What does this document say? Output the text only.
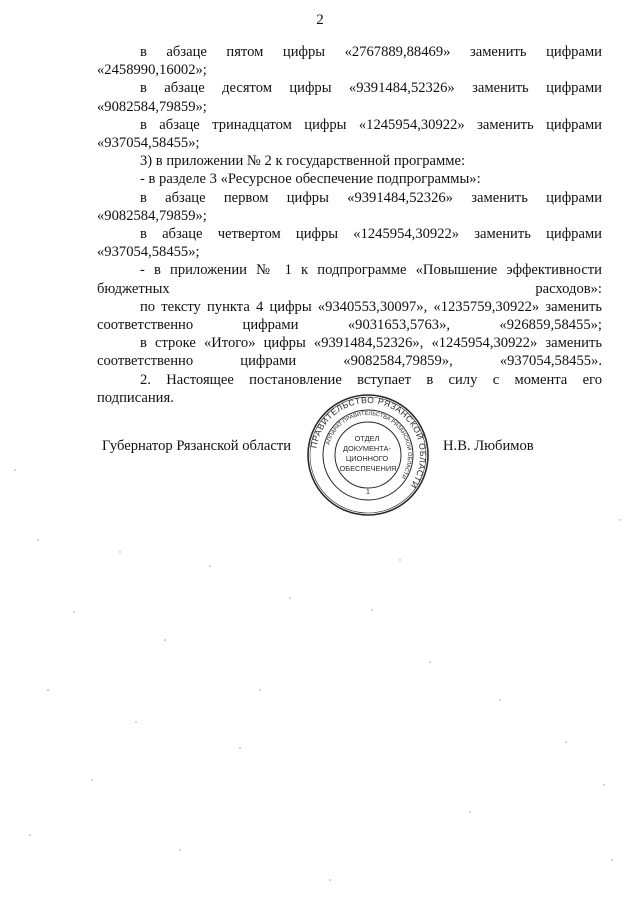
2

в абзаце пятом цифры «2767889,88469» заменить цифрами
«2458990,16002»;

в абзаце десятом цифры «9391484,52326» заменить цифрами
«9082584,79859»;

в абзаце тринадцатом цифры «1245954,30922» заменить цифрами
«937054,58455»;

3) в приложении № 2 к государственной программе:

- в разделе 3 «Ресурсное обеспечение подпрограммы»:

в абзаце первом цифры «9391484,52326» заменить цифрами
«9082584,79859»;

в абзаце четвертом цифры «1245954,30922» заменить цифрами
«937054,58455»;

- в приложении № 1 к подпрограмме «Повышение эффективности
бюджетных расходов»:

по тексту пункта 4 цифры «9340553,30097», «1235759,30922» заменить
соответственно цифрами «9031653,5763», «926859,58455»;

в строке «Итого» цифры «9391484,52326», «1245954,30922» заменить
соответственно цифрами «9082584,79859», «937054,58455».

2. Настоящее постановление вступает в силу с момента его
подписания.

Губернатор Рязанской области	Н.В. Любимов
ПРАВИТЕЛЬСТВО РЯЗАНСКОЙ ОБЛАСТИ
АППАРАТ ПРАВИТЕЛЬСТВА РЯЗАНСКОЙ ОБЛАСТИ
ОТДЕЛ ДОКУМЕНТА- ЦИОННОГО ОБЕСПЕЧЕНИЯ
1
